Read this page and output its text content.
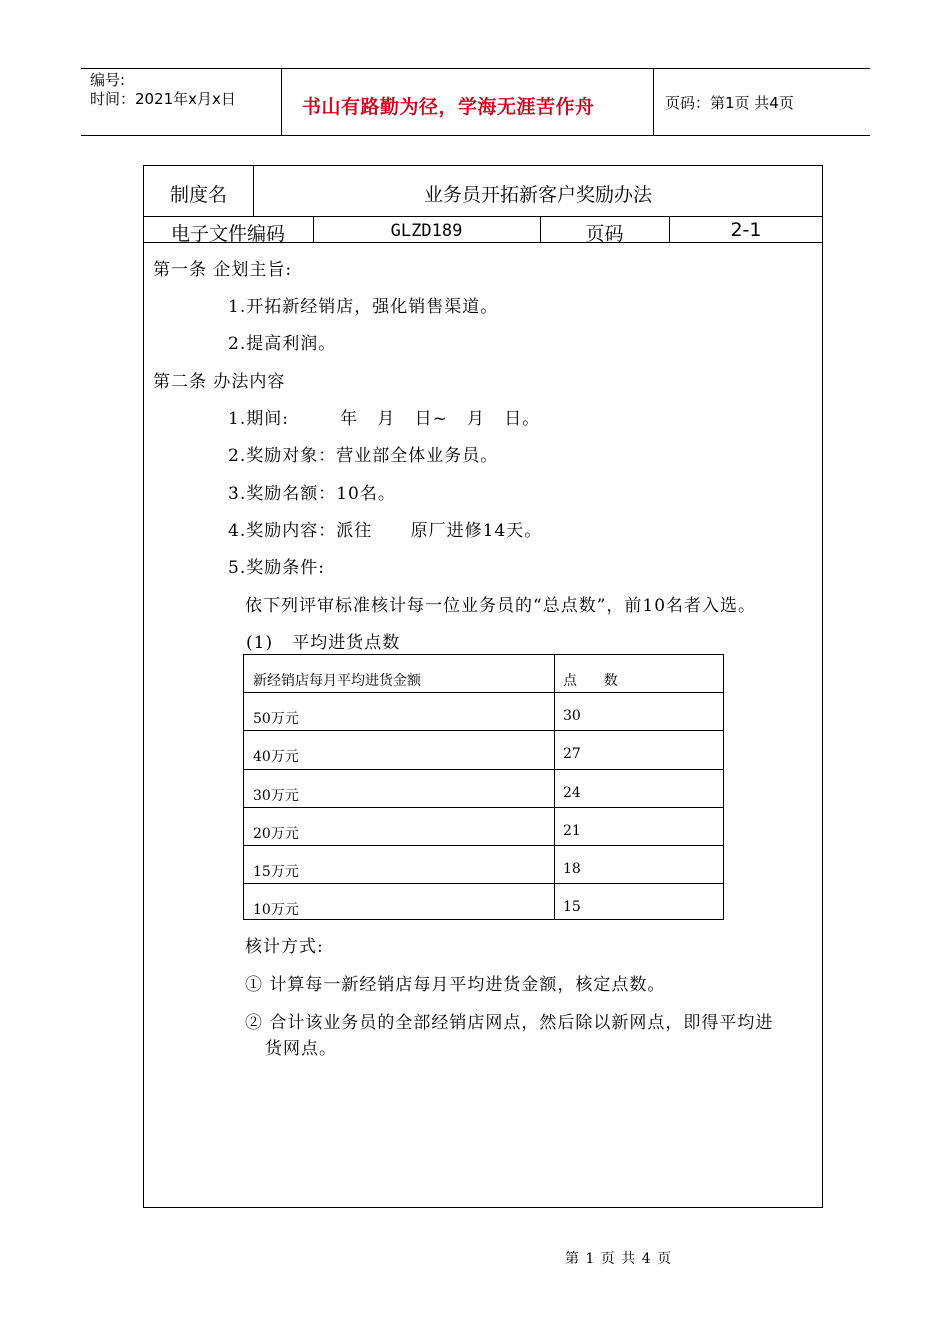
编号:
时间：2021年x月x日	书山有路勤为径，学海无涯苦作舟	页码：第1页 共4页
制度名	业务员开拓新客户奖励办法
电子文件编码	GLZD189	页码	2-1
第一条 企划主旨:
1.开拓新经销店，强化销售渠道。
2.提高利润。
第二条 办法内容
1.期间:        年   月   日~   月   日。
2.奖励对象：营业部全体业务员。
3.奖励名额：10名。
4.奖励内容：派往      原厂进修14天。
5.奖励条件:
依下列评审标准核计每一位业务员的“总点数”，前10名者入选。
(1)   平均进货点数
新经销店每月平均进货金额	点      数
50万元	30
40万元	27
30万元	24
20万元	21
15万元	18
10万元	15
核计方式:
① 计算每一新经销店每月平均进货金额，核定点数。
② 合计该业务员的全部经销店网点，然后除以新网点，即得平均进
货网点。
第 1 页 共 4 页
